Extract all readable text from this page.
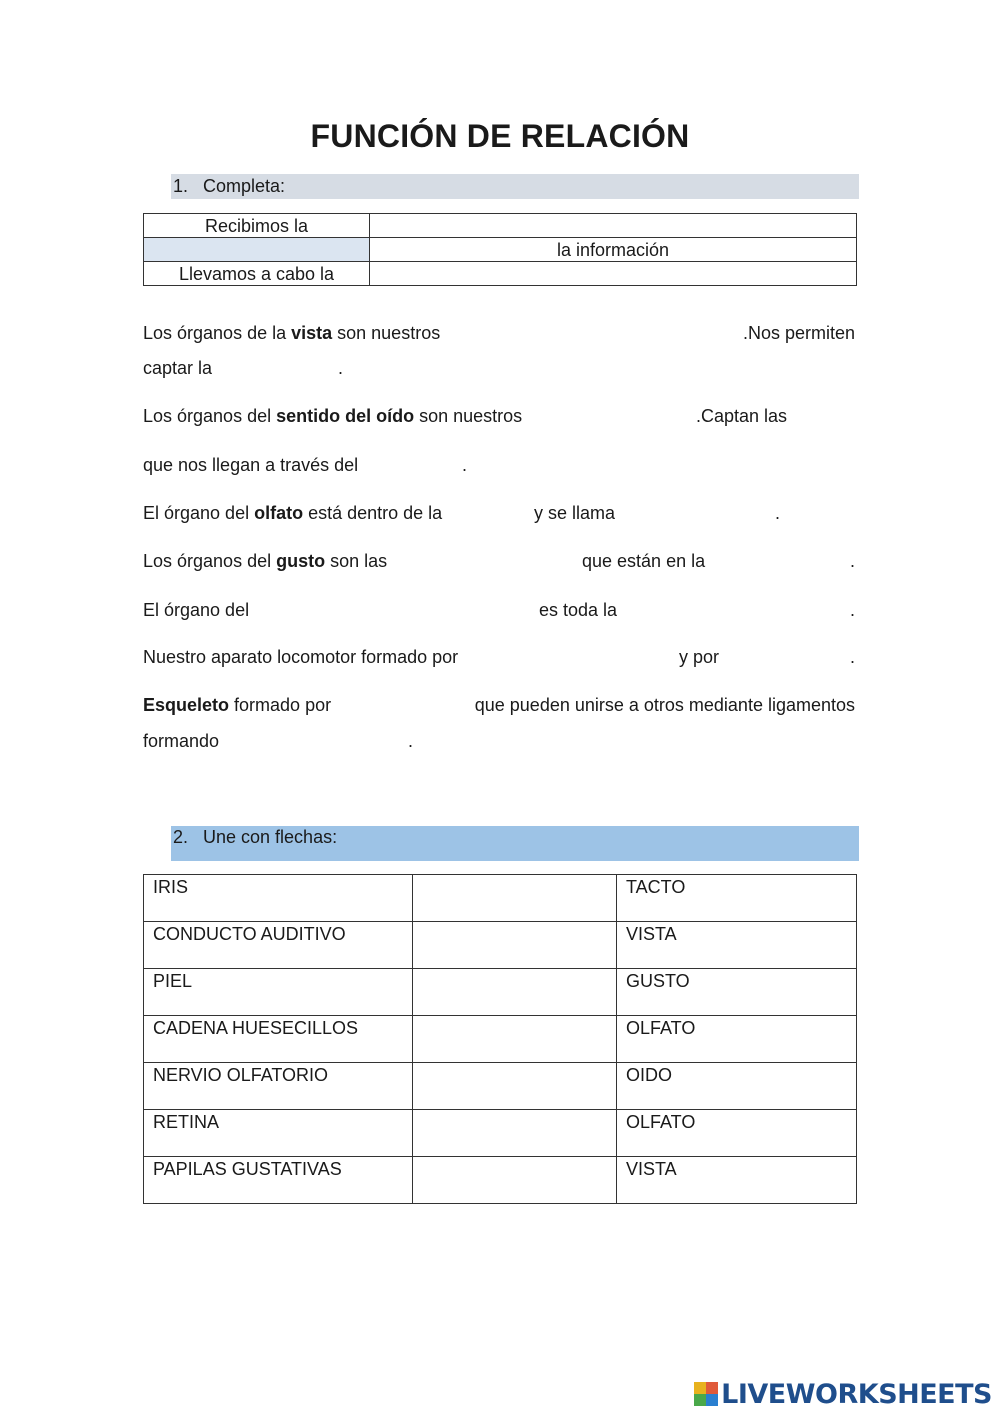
FUNCIÓN DE RELACIÓN
1. Completa:
Recibimos la	
	la información
Llevamos a cabo la	
Los órganos de la vista son nuestros	.Nos permiten
captar la	.
Los órganos del sentido del oído son nuestros	.Captan las
que nos llegan a través del	.
El órgano del olfato está dentro de la	y se llama	.
Los órganos del gusto son las	que están en la	.
El órgano del	es toda la	.
Nuestro aparato locomotor formado por	y por	.
Esqueleto formado por	que pueden unirse a otros mediante ligamentos
formando	.
2. Une con flechas:
IRIS		TACTO
CONDUCTO AUDITIVO		VISTA
PIEL		GUSTO
CADENA HUESECILLOS		OLFATO
NERVIO OLFATORIO		OIDO
RETINA		OLFATO
PAPILAS GUSTATIVAS		VISTA
LIVEWORKSHEETS
